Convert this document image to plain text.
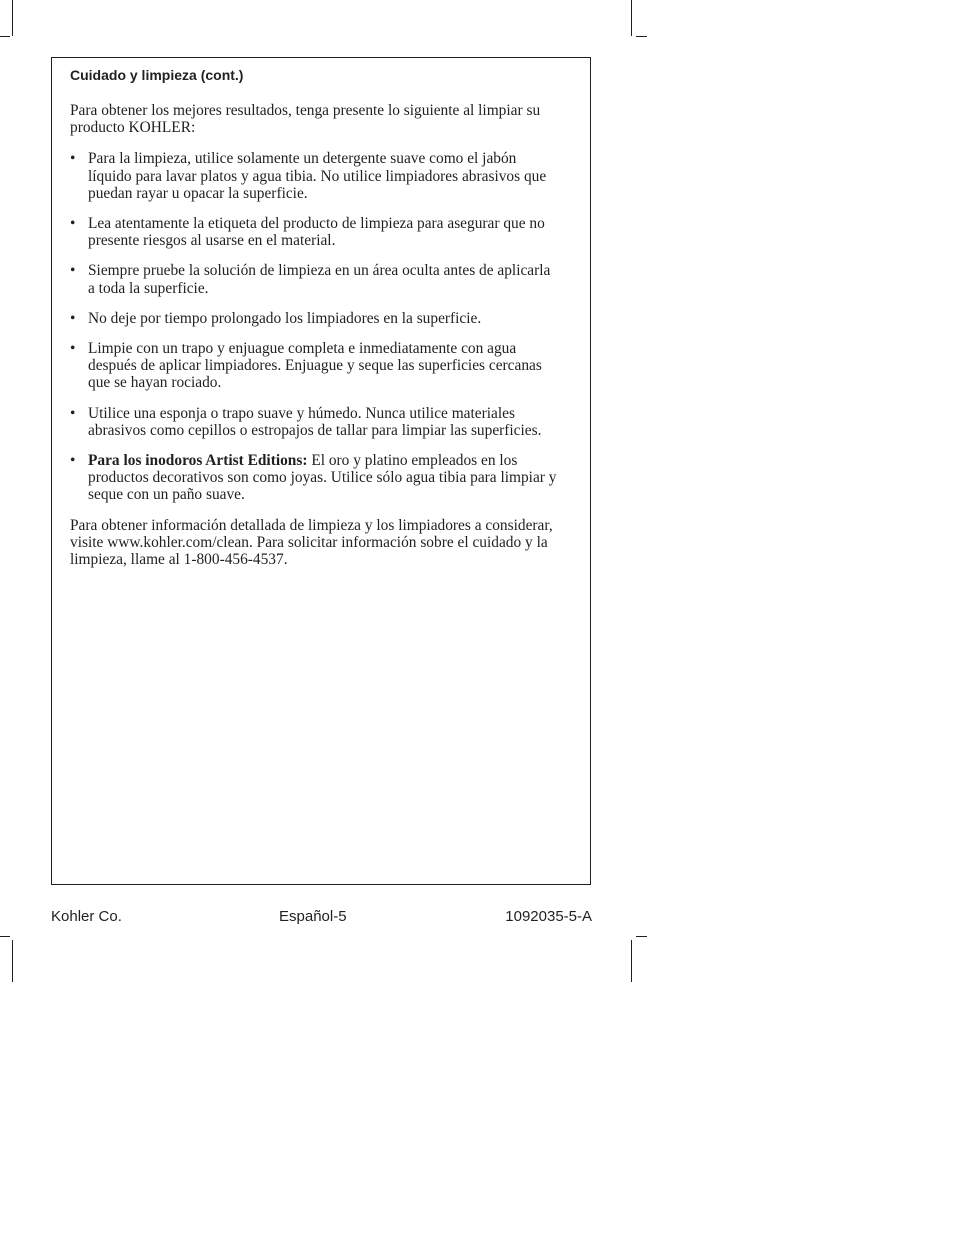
Cuidado y limpieza (cont.)

Para obtener los mejores resultados, tenga presente lo siguiente al limpiar su producto KOHLER:

• Para la limpieza, utilice solamente un detergente suave como el jabón líquido para lavar platos y agua tibia. No utilice limpiadores abrasivos que puedan rayar u opacar la superficie.
• Lea atentamente la etiqueta del producto de limpieza para asegurar que no presente riesgos al usarse en el material.
• Siempre pruebe la solución de limpieza en un área oculta antes de aplicarla a toda la superficie.
• No deje por tiempo prolongado los limpiadores en la superficie.
• Limpie con un trapo y enjuague completa e inmediatamente con agua después de aplicar limpiadores. Enjuague y seque las superficies cercanas que se hayan rociado.
• Utilice una esponja o trapo suave y húmedo. Nunca utilice materiales abrasivos como cepillos o estropajos de tallar para limpiar las superficies.
• Para los inodoros Artist Editions: El oro y platino empleados en los productos decorativos son como joyas. Utilice sólo agua tibia para limpiar y seque con un paño suave.

Para obtener información detallada de limpieza y los limpiadores a considerar, visite www.kohler.com/clean. Para solicitar información sobre el cuidado y la limpieza, llame al 1-800-456-4537.

Kohler Co.	Español-5	1092035-5-A
